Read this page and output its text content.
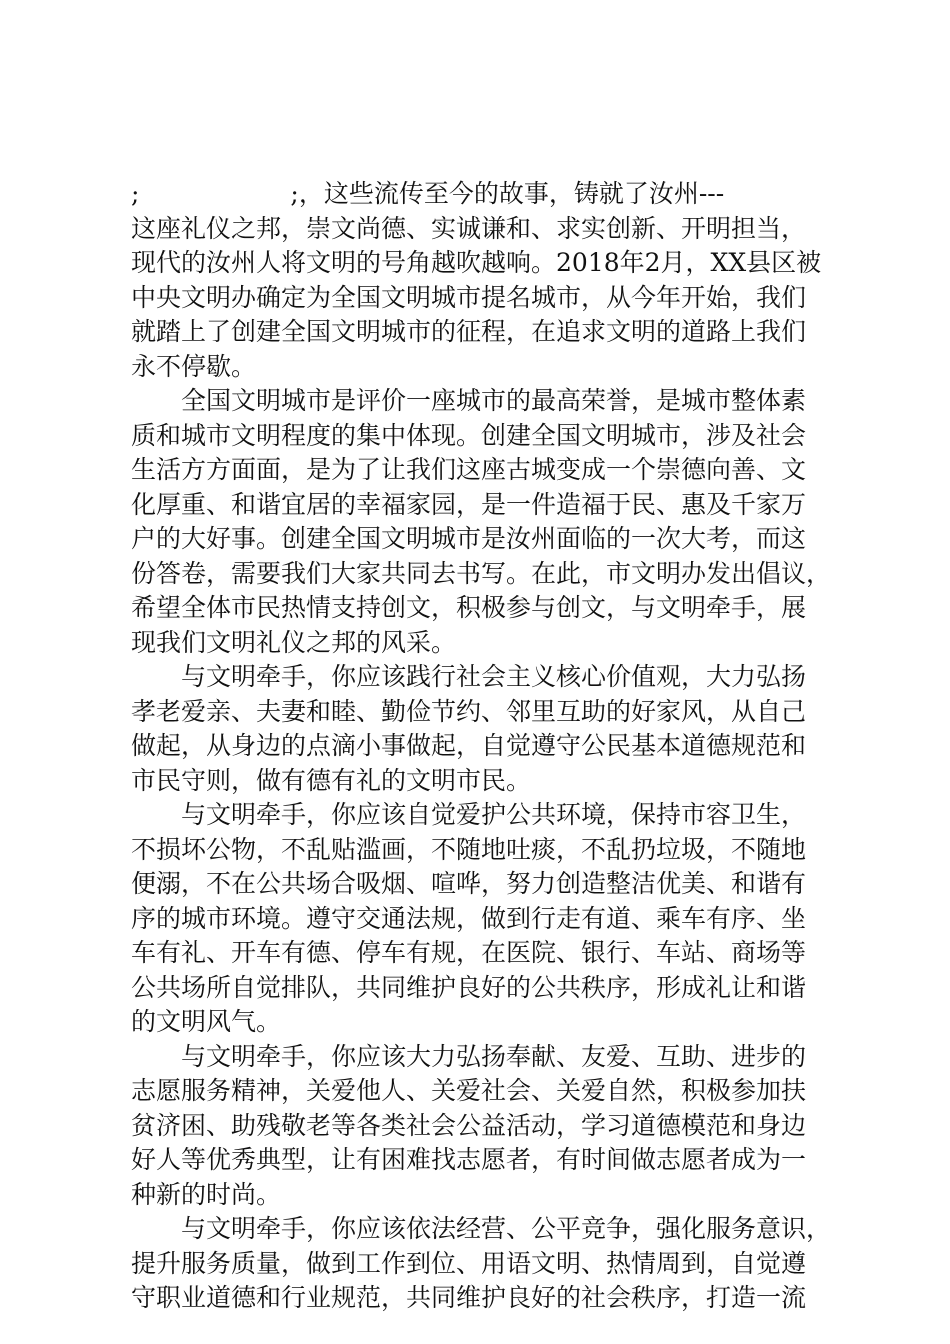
;                   ;，这些流传至今的故事，铸就了汝州---
这座礼仪之邦，崇文尚德、实诚谦和、求实创新、开明担当，
现代的汝州人将文明的号角越吹越响。2018年2月，XX县区被
中央文明办确定为全国文明城市提名城市，从今年开始，我们
就踏上了创建全国文明城市的征程，在追求文明的道路上我们
永不停歇。
　　全国文明城市是评价一座城市的最高荣誉，是城市整体素
质和城市文明程度的集中体现。创建全国文明城市，涉及社会
生活方方面面，是为了让我们这座古城变成一个崇德向善、文
化厚重、和谐宜居的幸福家园，是一件造福于民、惠及千家万
户的大好事。创建全国文明城市是汝州面临的一次大考，而这
份答卷，需要我们大家共同去书写。在此，市文明办发出倡议，
希望全体市民热情支持创文，积极参与创文，与文明牵手，展
现我们文明礼仪之邦的风采。
　　与文明牵手，你应该践行社会主义核心价值观，大力弘扬
孝老爱亲、夫妻和睦、勤俭节约、邻里互助的好家风，从自己
做起，从身边的点滴小事做起，自觉遵守公民基本道德规范和
市民守则，做有德有礼的文明市民。
　　与文明牵手，你应该自觉爱护公共环境，保持市容卫生，
不损坏公物，不乱贴滥画，不随地吐痰，不乱扔垃圾，不随地
便溺，不在公共场合吸烟、喧哗，努力创造整洁优美、和谐有
序的城市环境。遵守交通法规，做到行走有道、乘车有序、坐
车有礼、开车有德、停车有规，在医院、银行、车站、商场等
公共场所自觉排队，共同维护良好的公共秩序，形成礼让和谐
的文明风气。
　　与文明牵手，你应该大力弘扬奉献、友爱、互助、进步的
志愿服务精神，关爱他人、关爱社会、关爱自然，积极参加扶
贫济困、助残敬老等各类社会公益活动，学习道德模范和身边
好人等优秀典型，让有困难找志愿者，有时间做志愿者成为一
种新的时尚。
　　与文明牵手，你应该依法经营、公平竞争，强化服务意识，
提升服务质量，做到工作到位、用语文明、热情周到，自觉遵
守职业道德和行业规范，共同维护良好的社会秩序，打造一流
